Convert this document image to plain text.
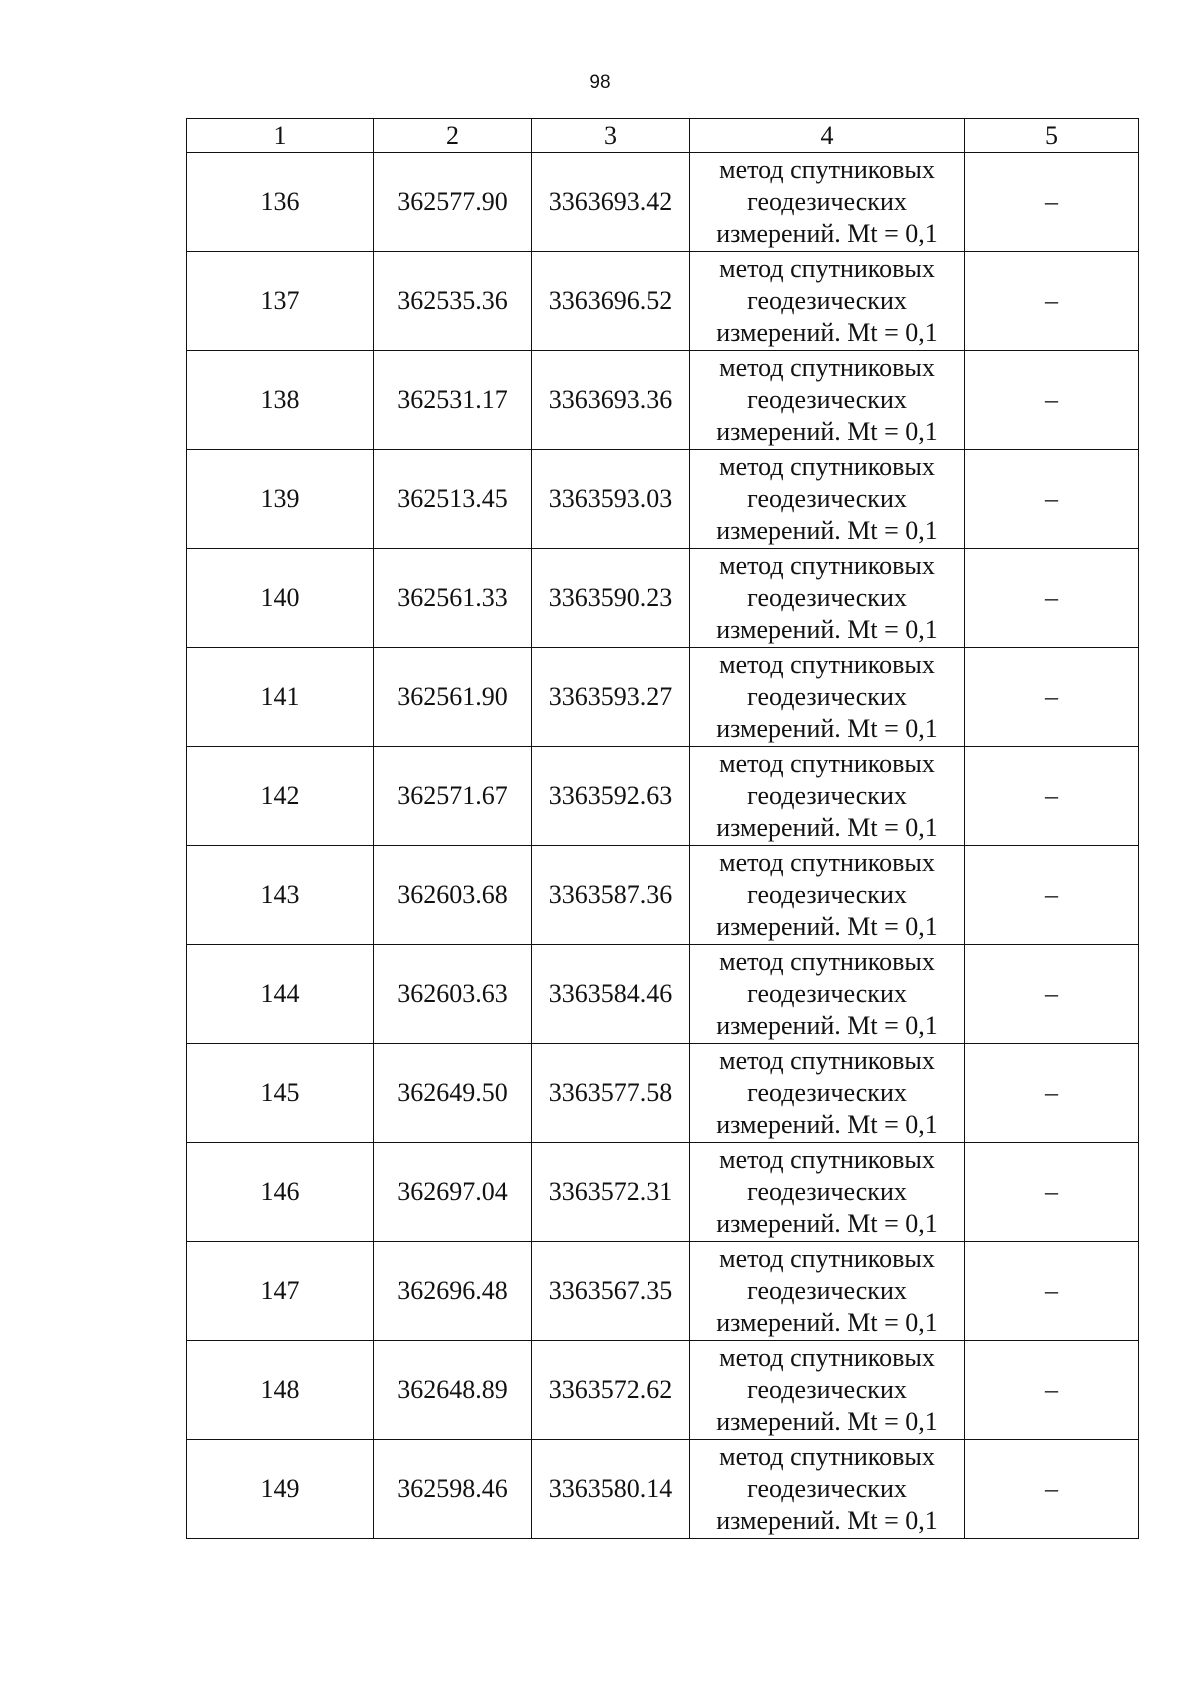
98
1	2	3	4	5
136	362577.90	3363693.42	метод спутниковых
геодезических
измерений. Mt = 0,1	–
137	362535.36	3363696.52	метод спутниковых
геодезических
измерений. Mt = 0,1	–
138	362531.17	3363693.36	метод спутниковых
геодезических
измерений. Mt = 0,1	–
139	362513.45	3363593.03	метод спутниковых
геодезических
измерений. Mt = 0,1	–
140	362561.33	3363590.23	метод спутниковых
геодезических
измерений. Mt = 0,1	–
141	362561.90	3363593.27	метод спутниковых
геодезических
измерений. Mt = 0,1	–
142	362571.67	3363592.63	метод спутниковых
геодезических
измерений. Mt = 0,1	–
143	362603.68	3363587.36	метод спутниковых
геодезических
измерений. Mt = 0,1	–
144	362603.63	3363584.46	метод спутниковых
геодезических
измерений. Mt = 0,1	–
145	362649.50	3363577.58	метод спутниковых
геодезических
измерений. Mt = 0,1	–
146	362697.04	3363572.31	метод спутниковых
геодезических
измерений. Mt = 0,1	–
147	362696.48	3363567.35	метод спутниковых
геодезических
измерений. Mt = 0,1	–
148	362648.89	3363572.62	метод спутниковых
геодезических
измерений. Mt = 0,1	–
149	362598.46	3363580.14	метод спутниковых
геодезических
измерений. Mt = 0,1	–
